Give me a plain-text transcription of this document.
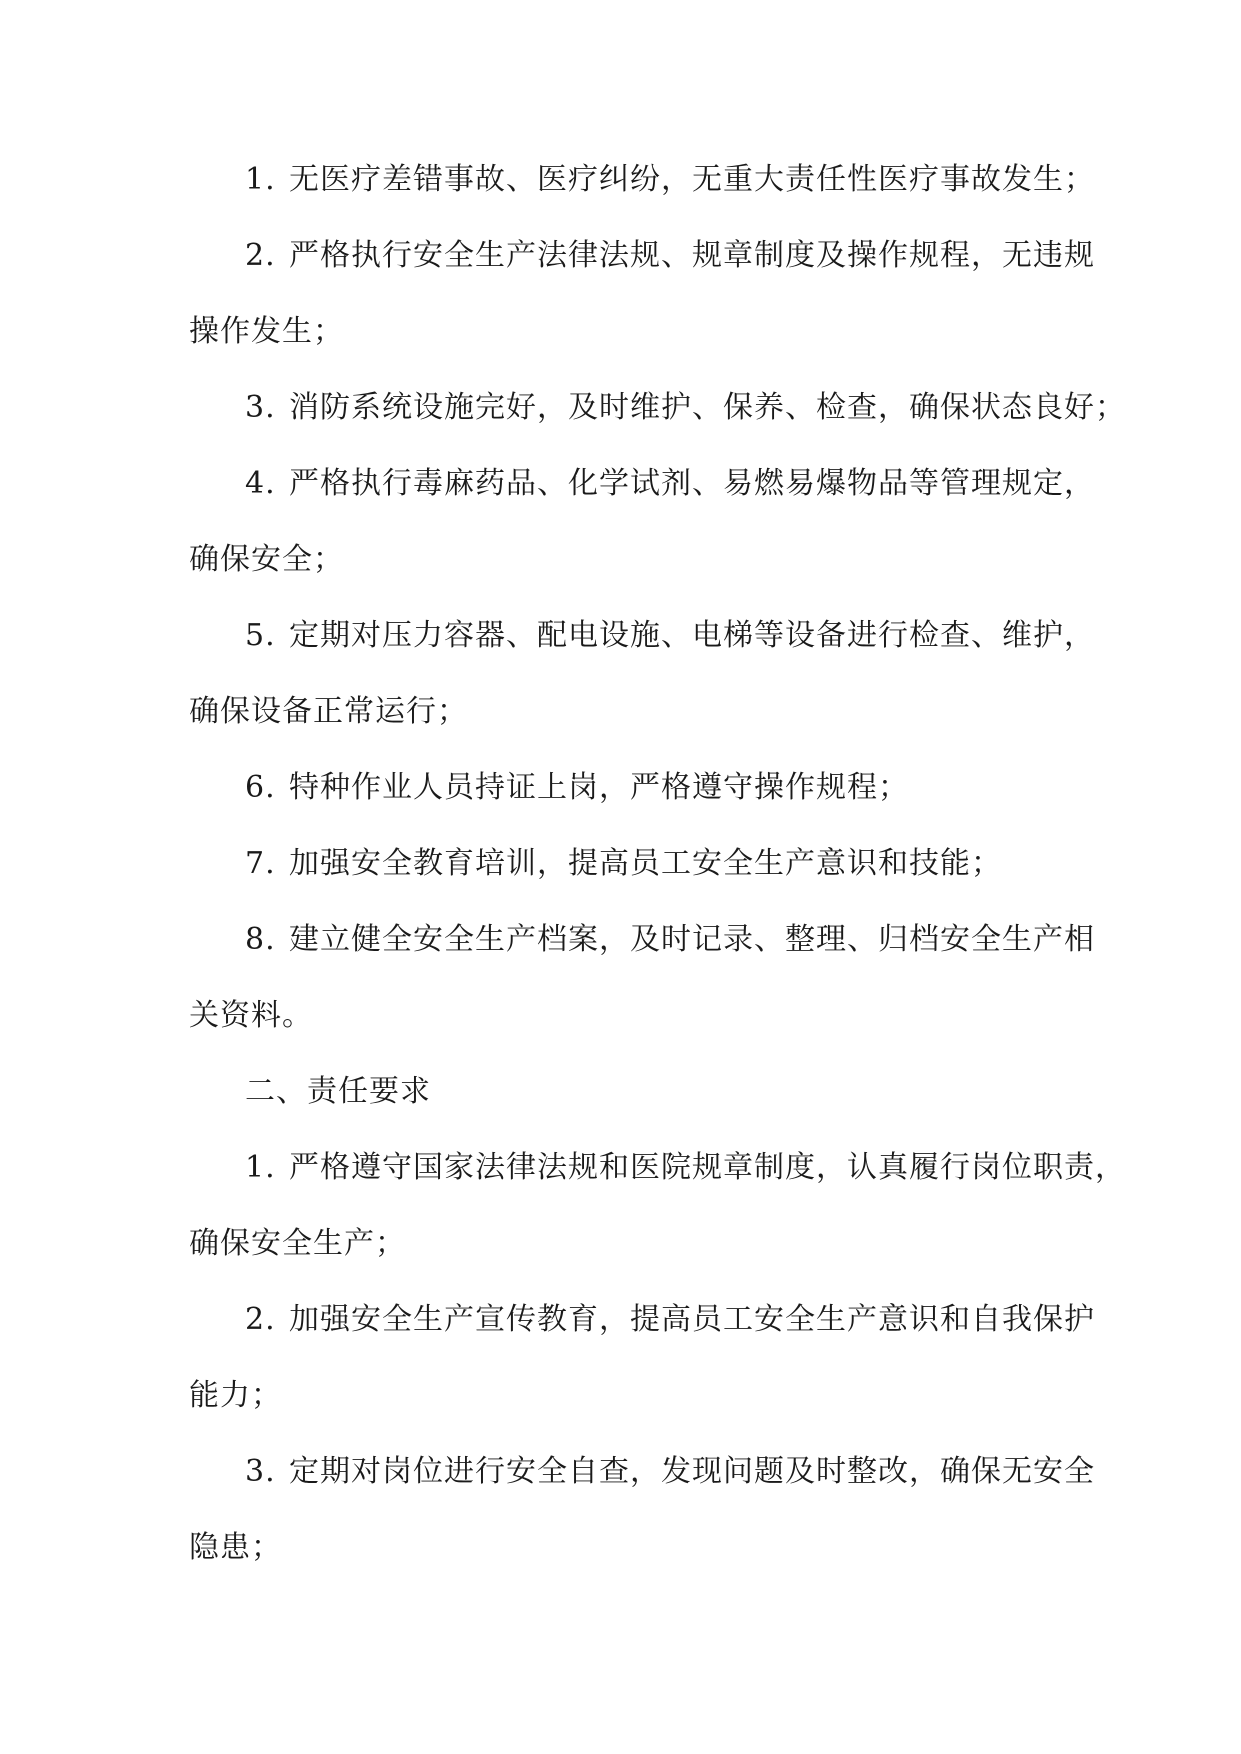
1. 无医疗差错事故、医疗纠纷，无重大责任性医疗事故发生；
2. 严格执行安全生产法律法规、规章制度及操作规程，无违规
操作发生；
3. 消防系统设施完好，及时维护、保养、检查，确保状态良好；
4. 严格执行毒麻药品、化学试剂、易燃易爆物品等管理规定，
确保安全；
5. 定期对压力容器、配电设施、电梯等设备进行检查、维护，
确保设备正常运行；
6. 特种作业人员持证上岗，严格遵守操作规程；
7. 加强安全教育培训，提高员工安全生产意识和技能；
8. 建立健全安全生产档案，及时记录、整理、归档安全生产相
关资料。
二、责任要求
1. 严格遵守国家法律法规和医院规章制度，认真履行岗位职责，
确保安全生产；
2. 加强安全生产宣传教育，提高员工安全生产意识和自我保护
能力；
3. 定期对岗位进行安全自查，发现问题及时整改，确保无安全
隐患；
